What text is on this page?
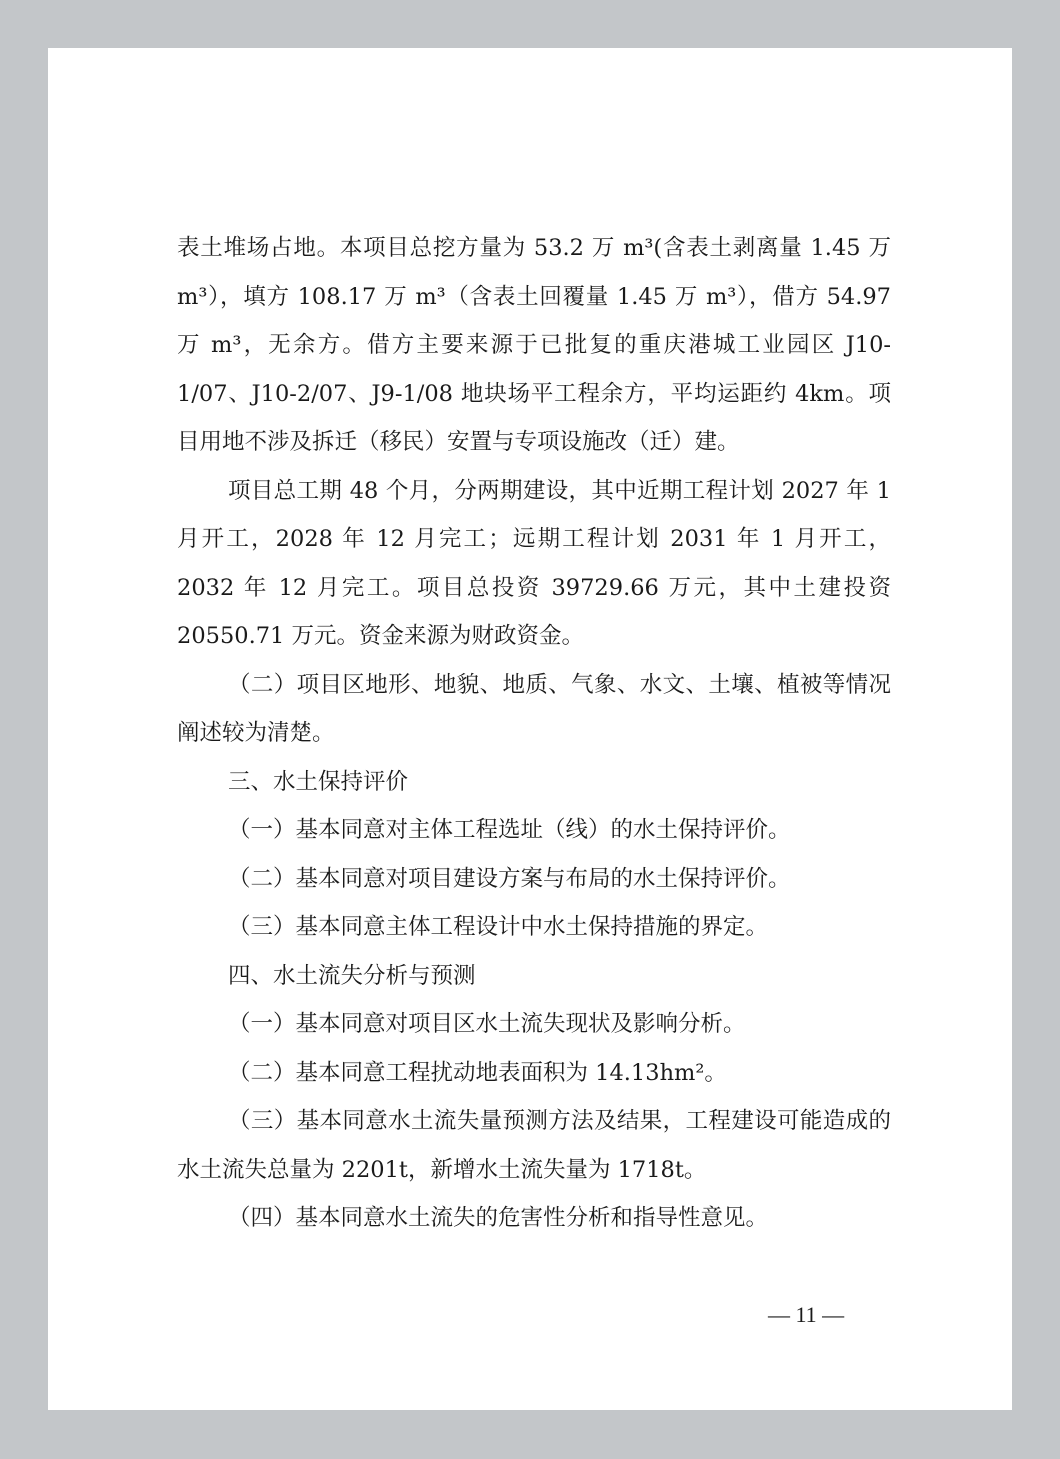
表土堆场占地。本项目总挖方量为 53.2 万 m³(含表土剥离量 1.45 万 m³），填方 108.17 万 m³（含表土回覆量 1.45 万 m³），借方 54.97 万 m³，无余方。借方主要来源于已批复的重庆港城工业园区 J10-1/07、J10-2/07、J9-1/08 地块场平工程余方，平均运距约 4km。项目用地不涉及拆迁（移民）安置与专项设施改（迁）建。

项目总工期 48 个月，分两期建设，其中近期工程计划 2027 年 1 月开工，2028 年 12 月完工；远期工程计划 2031 年 1 月开工，2032 年 12 月完工。项目总投资 39729.66 万元，其中土建投资 20550.71 万元。资金来源为财政资金。

（二）项目区地形、地貌、地质、气象、水文、土壤、植被等情况阐述较为清楚。

三、水土保持评价

（一）基本同意对主体工程选址（线）的水土保持评价。

（二）基本同意对项目建设方案与布局的水土保持评价。

（三）基本同意主体工程设计中水土保持措施的界定。

四、水土流失分析与预测

（一）基本同意对项目区水土流失现状及影响分析。

（二）基本同意工程扰动地表面积为 14.13hm²。

（三）基本同意水土流失量预测方法及结果，工程建设可能造成的水土流失总量为 2201t，新增水土流失量为 1718t。

（四）基本同意水土流失的危害性分析和指导性意见。

— 11 —
